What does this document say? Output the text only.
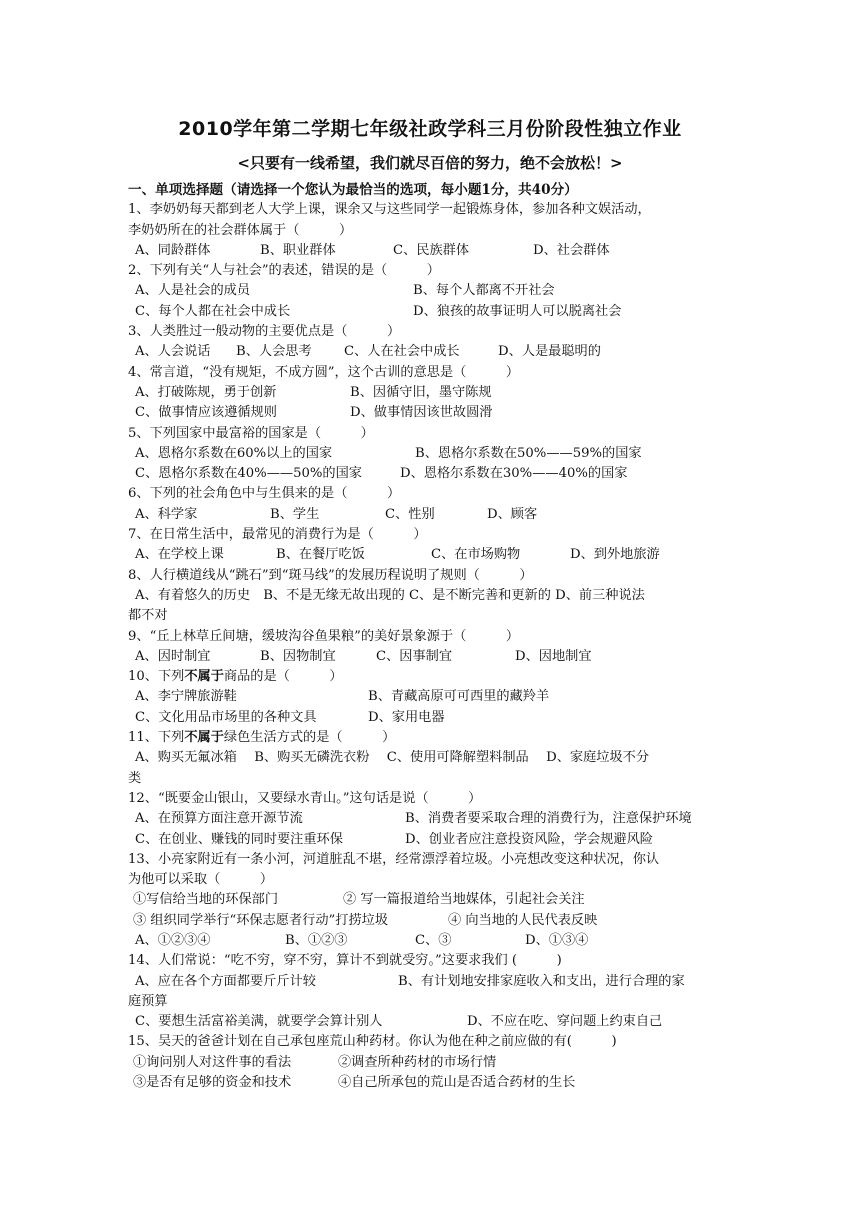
2010学年第二学期七年级社政学科三月份阶段性独立作业
<只要有一线希望，我们就尽百倍的努力，绝不会放松！>
一、单项选择题（请选择一个您认为最恰当的选项，每小题1分，共40分）
1、李奶奶每天都到老人大学上课，课余又与这些同学一起锻炼身体，参加各种文娱活动，
李奶奶所在的社会群体属于（　　　）
A、同龄群体	B、职业群体	C、民族群体	D、社会群体
2、下列有关“人与社会”的表述，错误的是（　　　）
A、人是社会的成员	B、每个人都离不开社会
C、每个人都在社会中成长	D、狼孩的故事证明人可以脱离社会
3、人类胜过一般动物的主要优点是（　　　）
A、人会说话 B、人会思考 C、人在社会中成长	D、人是最聪明的
4、常言道，“没有规矩，不成方圆”，这个古训的意思是（　　　）
A、打破陈规，勇于创新	B、因循守旧，墨守陈规
C、做事情应该遵循规则	D、做事情因该世故圆滑
5、下列国家中最富裕的国家是（　　　）
A、恩格尔系数在60%以上的国家	B、恩格尔系数在50%——59%的国家
C、恩格尔系数在40%——50%的国家	D、恩格尔系数在30%——40%的国家
6、下列的社会角色中与生俱来的是（　　　）
A、科学家	B、学生	C、性别	D、顾客
7、在日常生活中，最常见的消费行为是（　　　）
A、在学校上课	B、在餐厅吃饭	C、在市场购物	D、到外地旅游
8、人行横道线从“跳石”到“斑马线”的发展历程说明了规则（　　　）
A、有着悠久的历史　B、不是无缘无故出现的 C、是不断完善和更新的 D、前三种说法
都不对
9、“丘上林草丘间塘，缓坡沟谷鱼果粮”的美好景象源于（　　　）
A、因时制宜	B、因物制宜	C、因事制宜	D、因地制宜
10、下列不属于商品的是（　　　）
A、李宁牌旅游鞋	B、青藏高原可可西里的藏羚羊
C、文化用品市场里的各种文具	D、家用电器
11、下列不属于绿色生活方式的是（　　　）
A、购买无氟冰箱　 B、购买无磷洗衣粉　 C、使用可降解塑料制品　 D、家庭垃圾不分
类
12、“既要金山银山，又要绿水青山。”这句话是说（　　　）
A、在预算方面注意开源节流	B、消费者要采取合理的消费行为，注意保护环境
C、在创业、赚钱的同时要注重环保	D、创业者应注意投资风险，学会规避风险
13、小亮家附近有一条小河，河道脏乱不堪，经常漂浮着垃圾。小亮想改变这种状况，你认
为他可以采取（　　　）
①写信给当地的环保部门	② 写一篇报道给当地媒体，引起社会关注
③ 组织同学举行“环保志愿者行动”打捞垃圾	④ 向当地的人民代表反映
A、①②③④	B、①②③	C、③	D、①③④
14、人们常说：“吃不穷，穿不穷，算计不到就受穷。”这要求我们 (　　　)
A、应在各个方面都要斤斤计较	B、有计划地安排家庭收入和支出，进行合理的家
庭预算
C、要想生活富裕美满，就要学会算计别人	D、不应在吃、穿问题上约束自己
15、吴天的爸爸计划在自己承包座荒山种药材。你认为他在种之前应做的有(　　　)
①询问别人对这件事的看法	②调查所种药材的市场行情
③是否有足够的资金和技术	④自己所承包的荒山是否适合药材的生长
